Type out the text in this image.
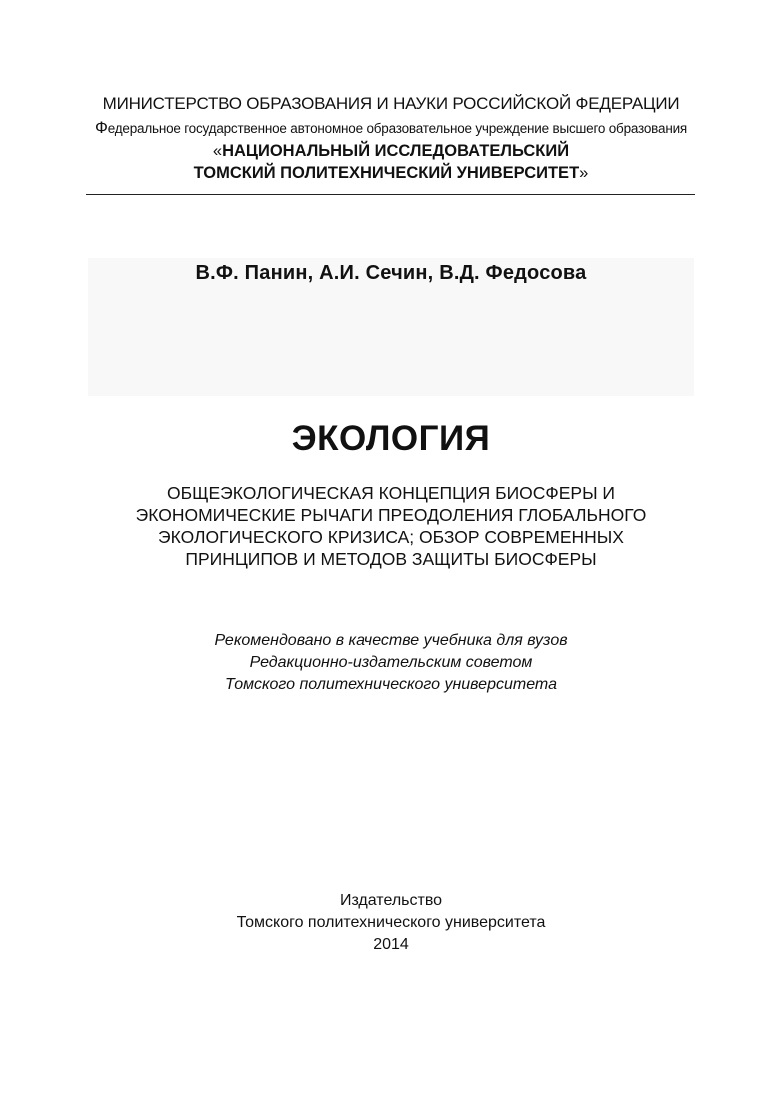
МИНИСТЕРСТВО ОБРАЗОВАНИЯ И НАУКИ РОССИЙСКОЙ ФЕДЕРАЦИИ
Федеральное государственное автономное образовательное учреждение высшего образования
«НАЦИОНАЛЬНЫЙ ИССЛЕДОВАТЕЛЬСКИЙ
ТОМСКИЙ ПОЛИТЕХНИЧЕСКИЙ УНИВЕРСИТЕТ»
В.Ф. Панин, А.И. Сечин, В.Д. Федосова
ЭКОЛОГИЯ
ОБЩЕЭКОЛОГИЧЕСКАЯ КОНЦЕПЦИЯ БИОСФЕРЫ И
ЭКОНОМИЧЕСКИЕ РЫЧАГИ ПРЕОДОЛЕНИЯ ГЛОБАЛЬНОГО
ЭКОЛОГИЧЕСКОГО КРИЗИСА; ОБЗОР СОВРЕМЕННЫХ
ПРИНЦИПОВ И МЕТОДОВ ЗАЩИТЫ БИОСФЕРЫ
Рекомендовано в качестве учебника для вузов
Редакционно-издательским советом
Томского политехнического университета
Издательство
Томского политехнического университета
2014
